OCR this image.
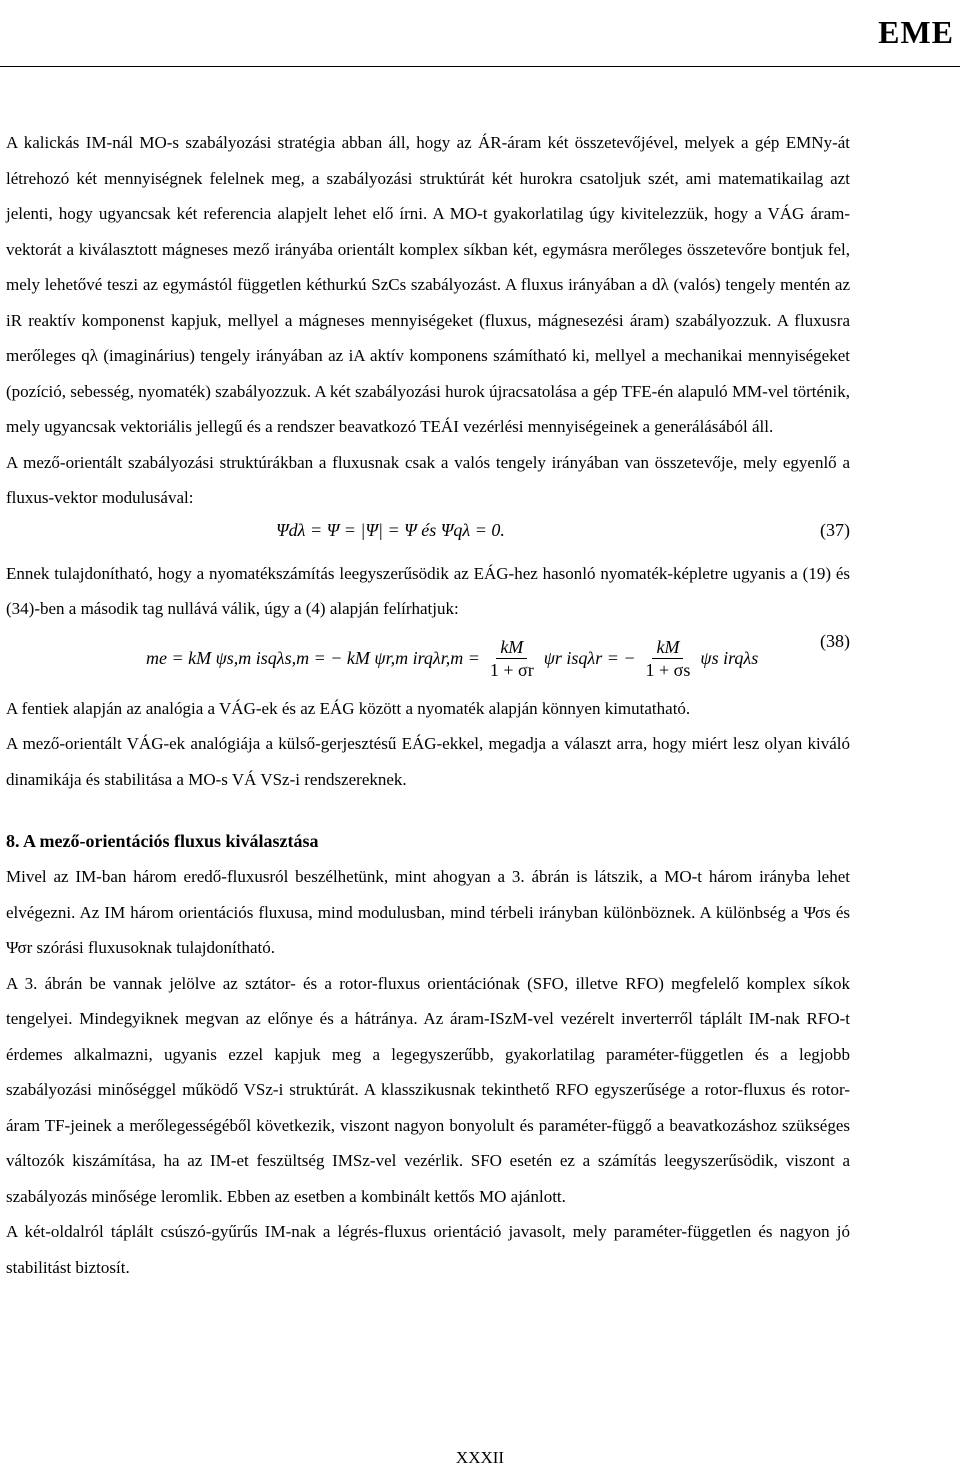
EME

A kalickás IM-nál MO-s szabályozási stratégia abban áll, hogy az ÁR-áram két összetevőjével, melyek a gép EMNy-át létrehozó két mennyiségnek felelnek meg, a szabályozási struktúrát két hurokra csatoljuk szét, ami matematikailag azt jelenti, hogy ugyancsak két referencia alapjelt lehet elő írni. A MO-t gyakorlatilag úgy kivitelezzük, hogy a VÁG áram-vektorát a kiválasztott mágneses mező irányába orientált komplex síkban két, egymásra merőleges összetevőre bontjuk fel, mely lehetővé teszi az egymástól független kéthurkú SzCs szabályozást. A fluxus irányában a dλ (valós) tengely mentén az iR reaktív komponenst kapjuk, mellyel a mágneses mennyiségeket (fluxus, mágnesezési áram) szabályozzuk. A fluxusra merőleges qλ (imaginárius) tengely irányában az iA aktív komponens számítható ki, mellyel a mechanikai mennyiségeket (pozíció, sebesség, nyomaték) szabályozzuk. A két szabályozási hurok újracsatolása a gép TFE-én alapuló MM-vel történik, mely ugyancsak vektoriális jellegű és a rendszer beavatkozó TEÁI vezérlési mennyiségeinek a generálásából áll.

A mező-orientált szabályozási struktúrákban a fluxusnak csak a valós tengely irányában van összetevője, mely egyenlő a fluxus-vektor modulusával:

Ψdλ = Ψ = |Ψ| = Ψ és Ψqλ = 0.	(37)

Ennek tulajdonítható, hogy a nyomatékszámítás leegyszerűsödik az EÁG-hez hasonló nyomaték-képletre ugyanis a (19) és (34)-ben a második tag nullává válik, úgy a (4) alapján felírhatjuk:

me = kM ψs,m isqλs,m = − kM ψr,m $irq\lambda r,m = \frac{kM}{1 + \sigma r}$ ψr isqλr = − $\frac{kM}{1 + \sigma s}$ ψs irqλs
(38)

A fentiek alapján az analógia a VÁG-ek és az EÁG között a nyomaték alapján könnyen kimutatható.

A mező-orientált VÁG-ek analógiája a külső-gerjesztésű EÁG-ekkel, megadja a választ arra, hogy miért lesz olyan kiváló dinamikája és stabilitása a MO-s VÁ VSz-i rendszereknek.

8. A mező-orientációs fluxus kiválasztása

Mivel az IM-ban három eredő-fluxusról beszélhetünk, mint ahogyan a 3. ábrán is látszik, a MO-t három irányba lehet elvégezni. Az IM három orientációs fluxusa, mind modulusban, mind térbeli irányban különböznek. A különbség a Ψσs és Ψσr szórási fluxusoknak tulajdonítható.

A 3. ábrán be vannak jelölve az sztátor- és a rotor-fluxus orientációnak (SFO, illetve RFO) megfelelő komplex síkok tengelyei. Mindegyiknek megvan az előnye és a hátránya. Az áram-ISzM-vel vezérelt inverterről táplált IM-nak RFO-t érdemes alkalmazni, ugyanis ezzel kapjuk meg a legegyszerűbb, gyakorlatilag paraméter-független és a legjobb szabályozási minőséggel működő VSz-i struktúrát. A klasszikusnak tekinthető RFO egyszerűsége a rotor-fluxus és rotor-áram TF-jeinek a merőlegességéből következik, viszont nagyon bonyolult és paraméter-függő a beavatkozáshoz szükséges változók kiszámítása, ha az IM-et feszültség IMSz-vel vezérlik. SFO esetén ez a számítás leegyszerűsödik, viszont a szabályozás minősége leromlik. Ebben az esetben a kombinált kettős MO ajánlott.

A két-oldalról táplált csúszó-gyűrűs IM-nak a légrés-fluxus orientáció javasolt, mely paraméter-független és nagyon jó stabilitást biztosít.

XXXII
